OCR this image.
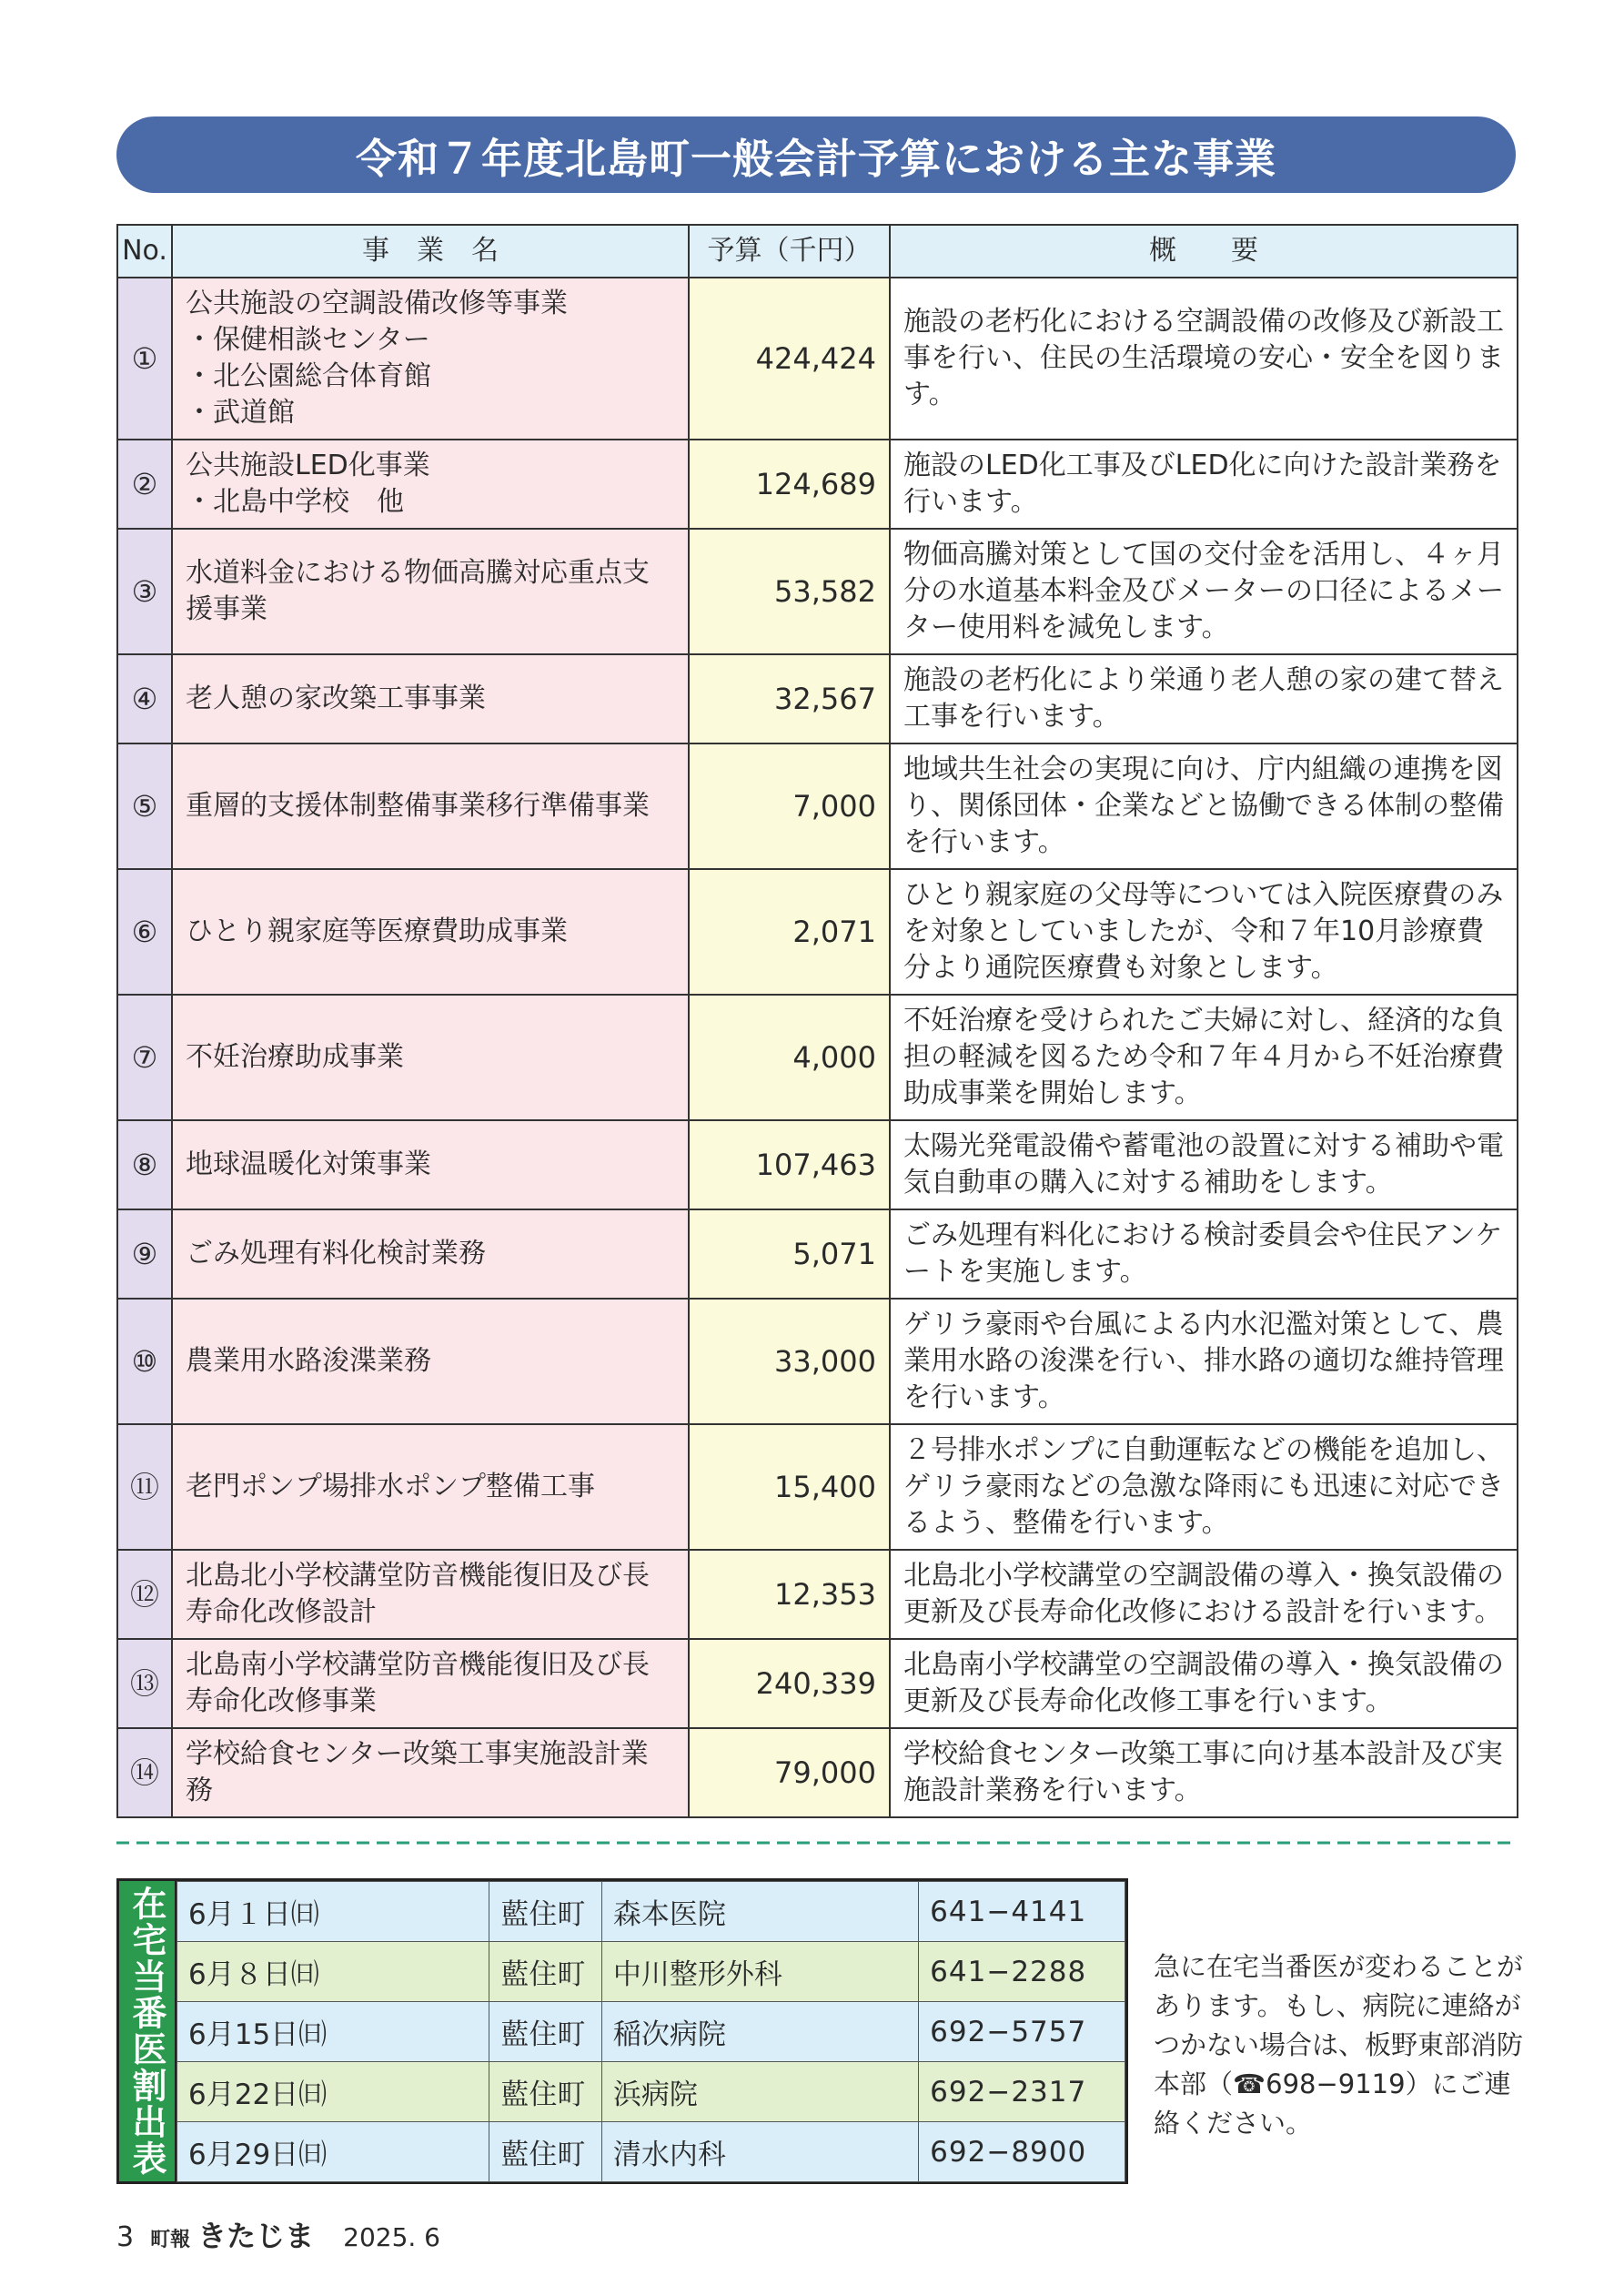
令和７年度北島町一般会計予算における主な事業
No.	事　業　名	予算（千円）	概　　要
①	公共施設の空調設備改修等事業
・保健相談センター
・北公園総合体育館
・武道館	424,424	施設の老朽化における空調設備の改修及び新設工事を行い、住民の生活環境の安心・安全を図ります。
②	公共施設LED化事業
・北島中学校　他	124,689	施設のLED化工事及びLED化に向けた設計業務を行います。
③	水道料金における物価高騰対応重点支援事業	53,582	物価高騰対策として国の交付金を活用し、４ヶ月分の水道基本料金及びメーターの口径によるメーター使用料を減免します。
④	老人憩の家改築工事事業	32,567	施設の老朽化により栄通り老人憩の家の建て替え工事を行います。
⑤	重層的支援体制整備事業移行準備事業	7,000	地域共生社会の実現に向け、庁内組織の連携を図り、関係団体・企業などと協働できる体制の整備を行います。
⑥	ひとり親家庭等医療費助成事業	2,071	ひとり親家庭の父母等については入院医療費のみを対象としていましたが、令和７年10月診療費分より通院医療費も対象とします。
⑦	不妊治療助成事業	4,000	不妊治療を受けられたご夫婦に対し、経済的な負担の軽減を図るため令和７年４月から不妊治療費助成事業を開始します。
⑧	地球温暖化対策事業	107,463	太陽光発電設備や蓄電池の設置に対する補助や電気自動車の購入に対する補助をします。
⑨	ごみ処理有料化検討業務	5,071	ごみ処理有料化における検討委員会や住民アンケートを実施します。
⑩	農業用水路浚渫業務	33,000	ゲリラ豪雨や台風による内水氾濫対策として、農業用水路の浚渫を行い、排水路の適切な維持管理を行います。
⑪	老門ポンプ場排水ポンプ整備工事	15,400	２号排水ポンプに自動運転などの機能を追加し、ゲリラ豪雨などの急激な降雨にも迅速に対応できるよう、整備を行います。
⑫	北島北小学校講堂防音機能復旧及び長寿命化改修設計	12,353	北島北小学校講堂の空調設備の導入・換気設備の更新及び長寿命化改修における設計を行います。
⑬	北島南小学校講堂防音機能復旧及び長寿命化改修事業	240,339	北島南小学校講堂の空調設備の導入・換気設備の更新及び長寿命化改修工事を行います。
⑭	学校給食センター改築工事実施設計業務	79,000	学校給食センター改築工事に向け基本設計及び実施設計業務を行います。
在宅当番医割出表 6月１日㈰	藍住町	森本医院	641−4141
6月８日㈰	藍住町	中川整形外科	641−2288
6月15日㈰	藍住町	稲次病院	692−5757
6月22日㈰	藍住町	浜病院	692−2317
6月29日㈰	藍住町	清水内科	692−8900
急に在宅当番医が変わることがあります。もし、病院に連絡がつかない場合は、板野東部消防本部（☎698−9119）にご連絡ください。
3 町報 きたじま 2025. 6
